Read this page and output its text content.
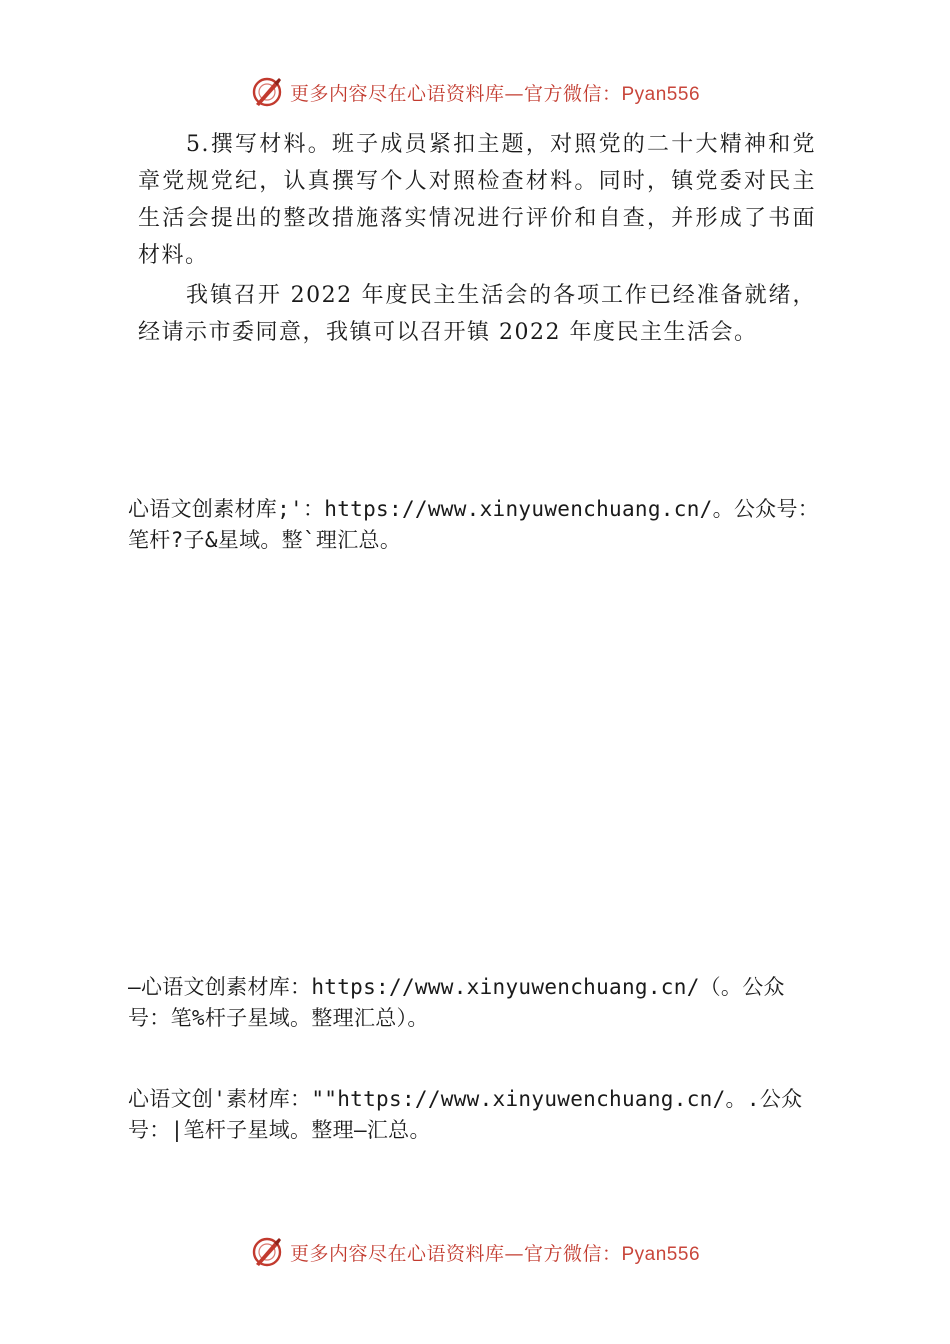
更多内容尽在心语资料库—官方微信：Pyan556

5.撰写材料。班子成员紧扣主题，对照党的二十大精神和党章党规党纪，认真撰写个人对照检查材料。同时，镇党委对民主生活会提出的整改措施落实情况进行评价和自查，并形成了书面材料。

我镇召开 2022 年度民主生活会的各项工作已经准备就绪，经请示市委同意，我镇可以召开镇 2022 年度民主生活会。

心语文创素材库;'：https://www.xinyuwenchuang.cn/。公众号：笔杆?子&星域。整`理汇总。

—心语文创素材库：https://www.xinyuwenchuang.cn/（。公众号：笔%杆子星域。整理汇总）。

心语文创'素材库：""https://www.xinyuwenchuang.cn/。.公众号：|笔杆子星域。整理—汇总。

更多内容尽在心语资料库—官方微信：Pyan556
